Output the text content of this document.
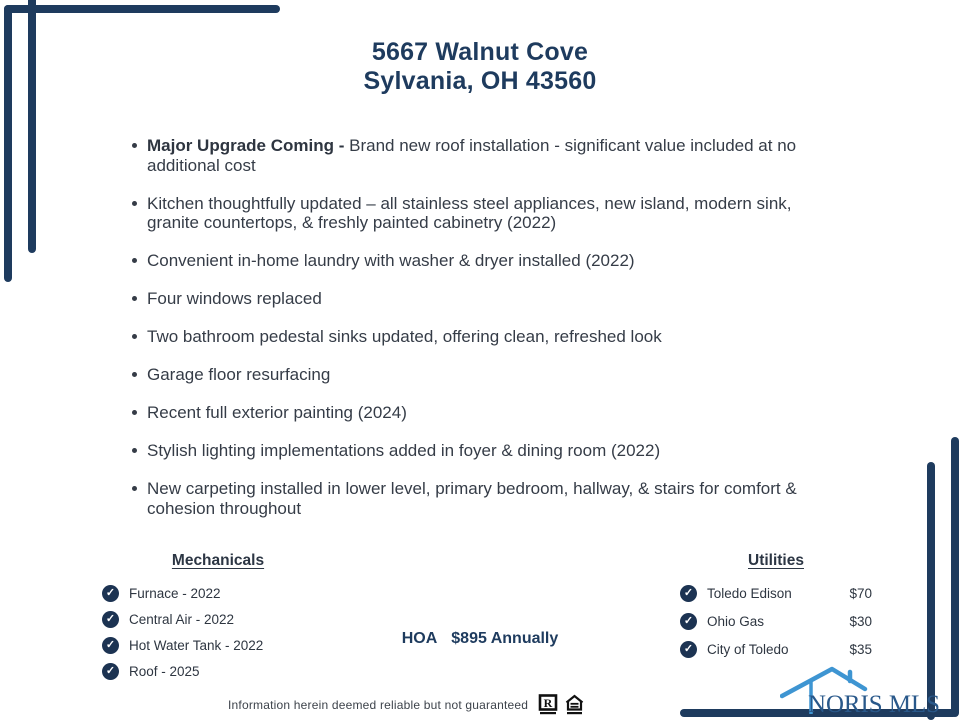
5667 Walnut Cove
Sylvania, OH 43560
Major Upgrade Coming - Brand new roof installation - significant value included at no additional cost
Kitchen thoughtfully updated – all stainless steel appliances, new island, modern sink, granite countertops, & freshly painted cabinetry (2022)
Convenient in-home laundry with washer & dryer installed (2022)
Four windows replaced
Two bathroom pedestal sinks updated, offering clean, refreshed look
Garage floor resurfacing
Recent full exterior painting (2024)
Stylish lighting implementations added in foyer & dining room (2022)
New carpeting installed in lower level, primary bedroom, hallway, & stairs for comfort & cohesion throughout
Mechanicals
✓ Furnace - 2022
✓ Central Air - 2022
✓ Hot Water Tank - 2022
✓ Roof - 2025
Utilities
✓ Toledo Edison	$70
✓ Ohio Gas	$30
✓ City of Toledo	$35
HOA $895 Annually
Information herein deemed reliable but not guaranteed R	NORIS MLS
